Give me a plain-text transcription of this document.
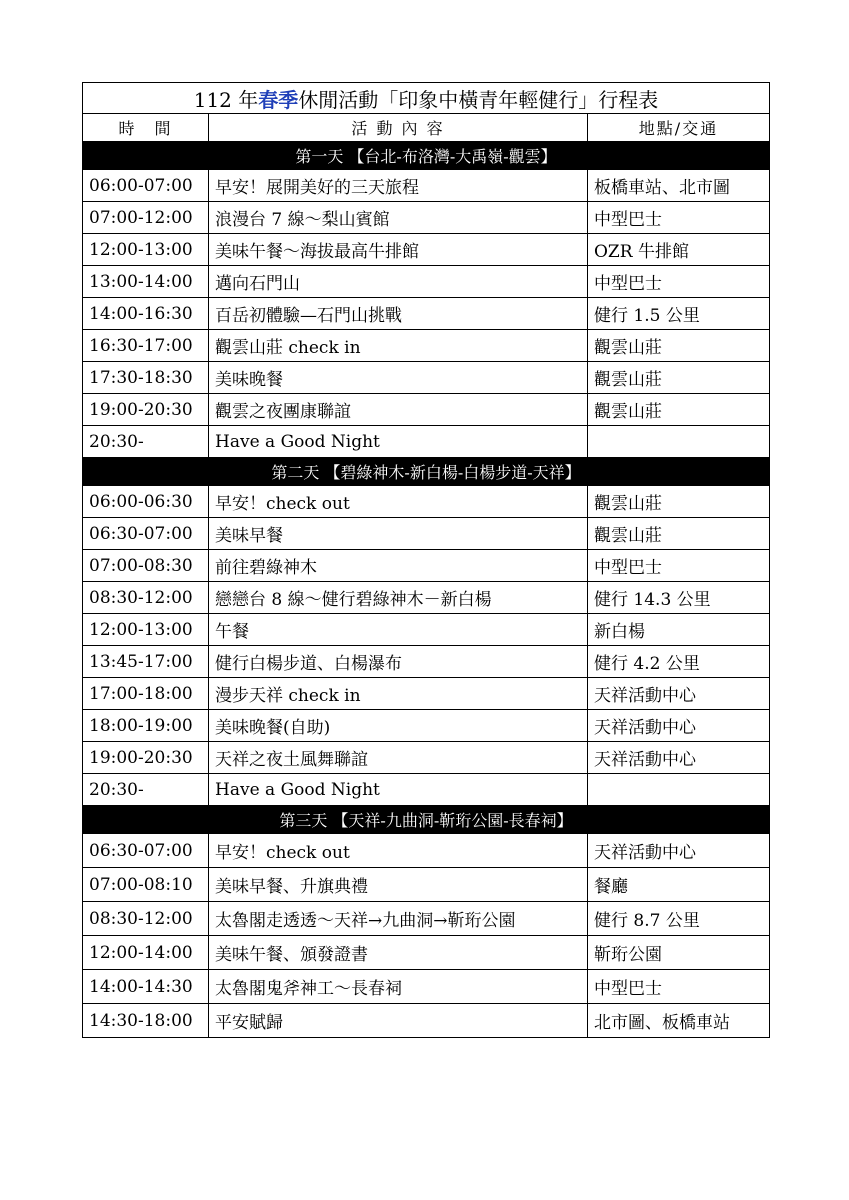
112 年春季休閒活動「印象中橫青年輕健行」行程表		
時　間	活 動 內 容	地點/交通
第一天 【台北-布洛灣-大禹嶺-觀雲】		
06:00-07:00	早安！展開美好的三天旅程	板橋車站、北市圖
07:00-12:00	浪漫台 7 線～梨山賓館	中型巴士
12:00-13:00	美味午餐～海拔最高牛排館	OZR 牛排館
13:00-14:00	邁向石門山	中型巴士
14:00-16:30	百岳初體驗—石門山挑戰	健行 1.5 公里
16:30-17:00	觀雲山莊 check in	觀雲山莊
17:30-18:30	美味晚餐	觀雲山莊
19:00-20:30	觀雲之夜團康聯誼	觀雲山莊
20:30-	Have a Good Night	
第二天 【碧綠神木-新白楊-白楊步道-天祥】		
06:00-06:30	早安！check out	觀雲山莊
06:30-07:00	美味早餐	觀雲山莊
07:00-08:30	前往碧綠神木	中型巴士
08:30-12:00	戀戀台 8 線～健行碧綠神木－新白楊	健行 14.3 公里
12:00-13:00	午餐	新白楊
13:45-17:00	健行白楊步道、白楊瀑布	健行 4.2 公里
17:00-18:00	漫步天祥 check in	天祥活動中心
18:00-19:00	美味晚餐(自助)	天祥活動中心
19:00-20:30	天祥之夜土風舞聯誼	天祥活動中心
20:30-	Have a Good Night	
第三天 【天祥-九曲洞-靳珩公園-長春祠】		
06:30-07:00	早安！check out	天祥活動中心
07:00-08:10	美味早餐、升旗典禮	餐廳
08:30-12:00	太魯閣走透透～天祥→九曲洞→靳珩公園	健行 8.7 公里
12:00-14:00	美味午餐、頒發證書	靳珩公園
14:00-14:30	太魯閣鬼斧神工～長春祠	中型巴士
14:30-18:00	平安賦歸	北市圖、板橋車站
